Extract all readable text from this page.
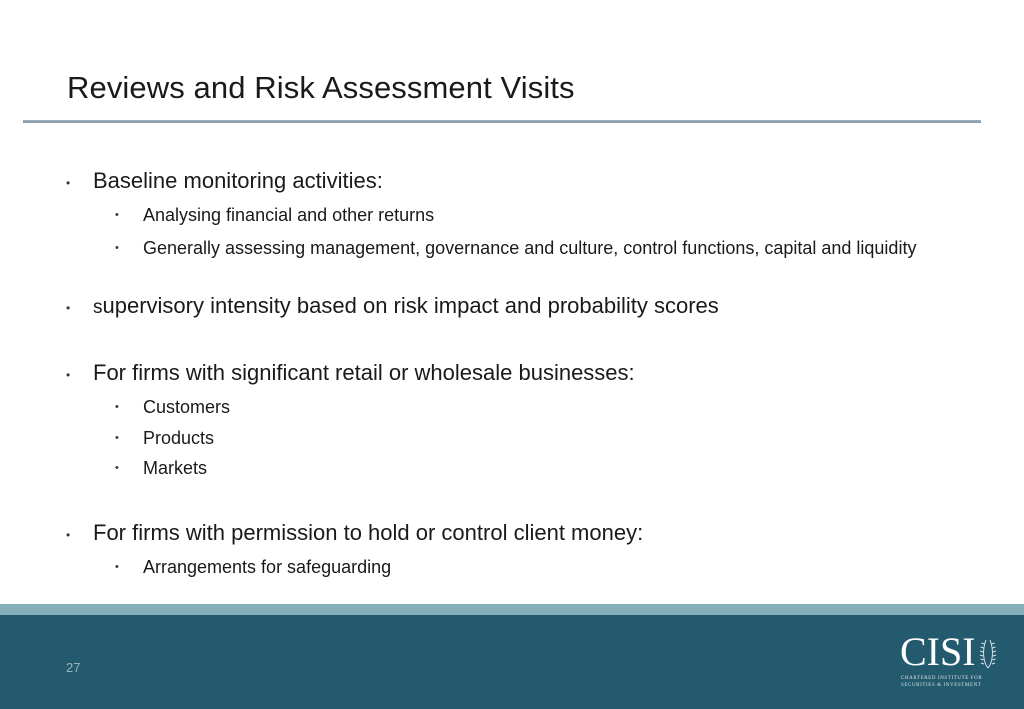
Reviews and Risk Assessment Visits
• Baseline monitoring activities:
• Analysing financial and other returns
• Generally assessing management, governance and culture, control functions, capital and liquidity
• supervisory intensity based on risk impact and probability scores
• For firms with significant retail or wholesale businesses:
• Customers
• Products
• Markets
• For firms with permission to hold or control client money:
• Arrangements for safeguarding
27	CISI
CHARTERED INSTITUTE FOR SECURITIES & INVESTMENT
